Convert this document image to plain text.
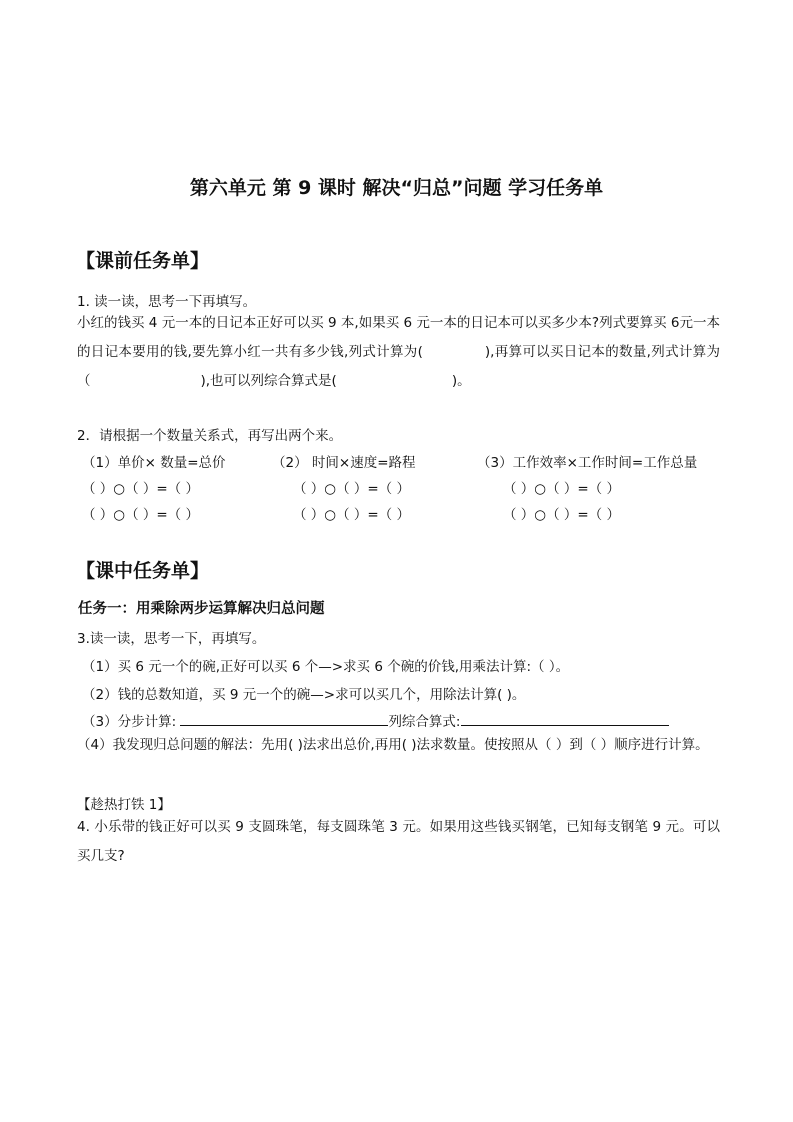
第六单元 第 9 课时 解决“归总”问题 学习任务单
【课前任务单】
1. 读一读，思考一下再填写。
小红的钱买 4 元一本的日记本正好可以买 9 本,如果买 6 元一本的日记本可以买多少本?列式要算买 6元一本的日记本要用的钱,要先算小红一共有多少钱,列式计算为(	),再算可以买日记本的数量,列式计算为 （	),也可以列综合算式是(	)。
2．请根据一个数量关系式，再写出两个来。
（1）单价× 数量=总价	（2） 时间×速度=路程	（3）工作效率×工作时间=工作总量
（ ）○（ ）=（ ）	（ ）○（ ）=（ ）	（ ）○（ ）=（ ）
（ ）○（ ）=（ ）	（ ）○（ ）=（ ）	（ ）○（ ）=（ ）
【课中任务单】
任务一：用乘除两步运算解决归总问题
3.读一读，思考一下，再填写。
（1）买 6 元一个的碗,正好可以买 6 个—>求买 6 个碗的价钱,用乘法计算:（ ）。
（2）钱的总数知道，买 9 元一个的碗—>求可以买几个，用除法计算( )。
（3）分步计算:	列综合算式:
（4）我发现归总问题的解法：先用( )法求出总价,再用( )法求数量。使按照从（ ）到（ ）顺序进行计算。
【趁热打铁 1】
4. 小乐带的钱正好可以买 9 支圆珠笔，每支圆珠笔 3 元。如果用这些钱买钢笔，已知每支钢笔 9 元。可以买几支?
